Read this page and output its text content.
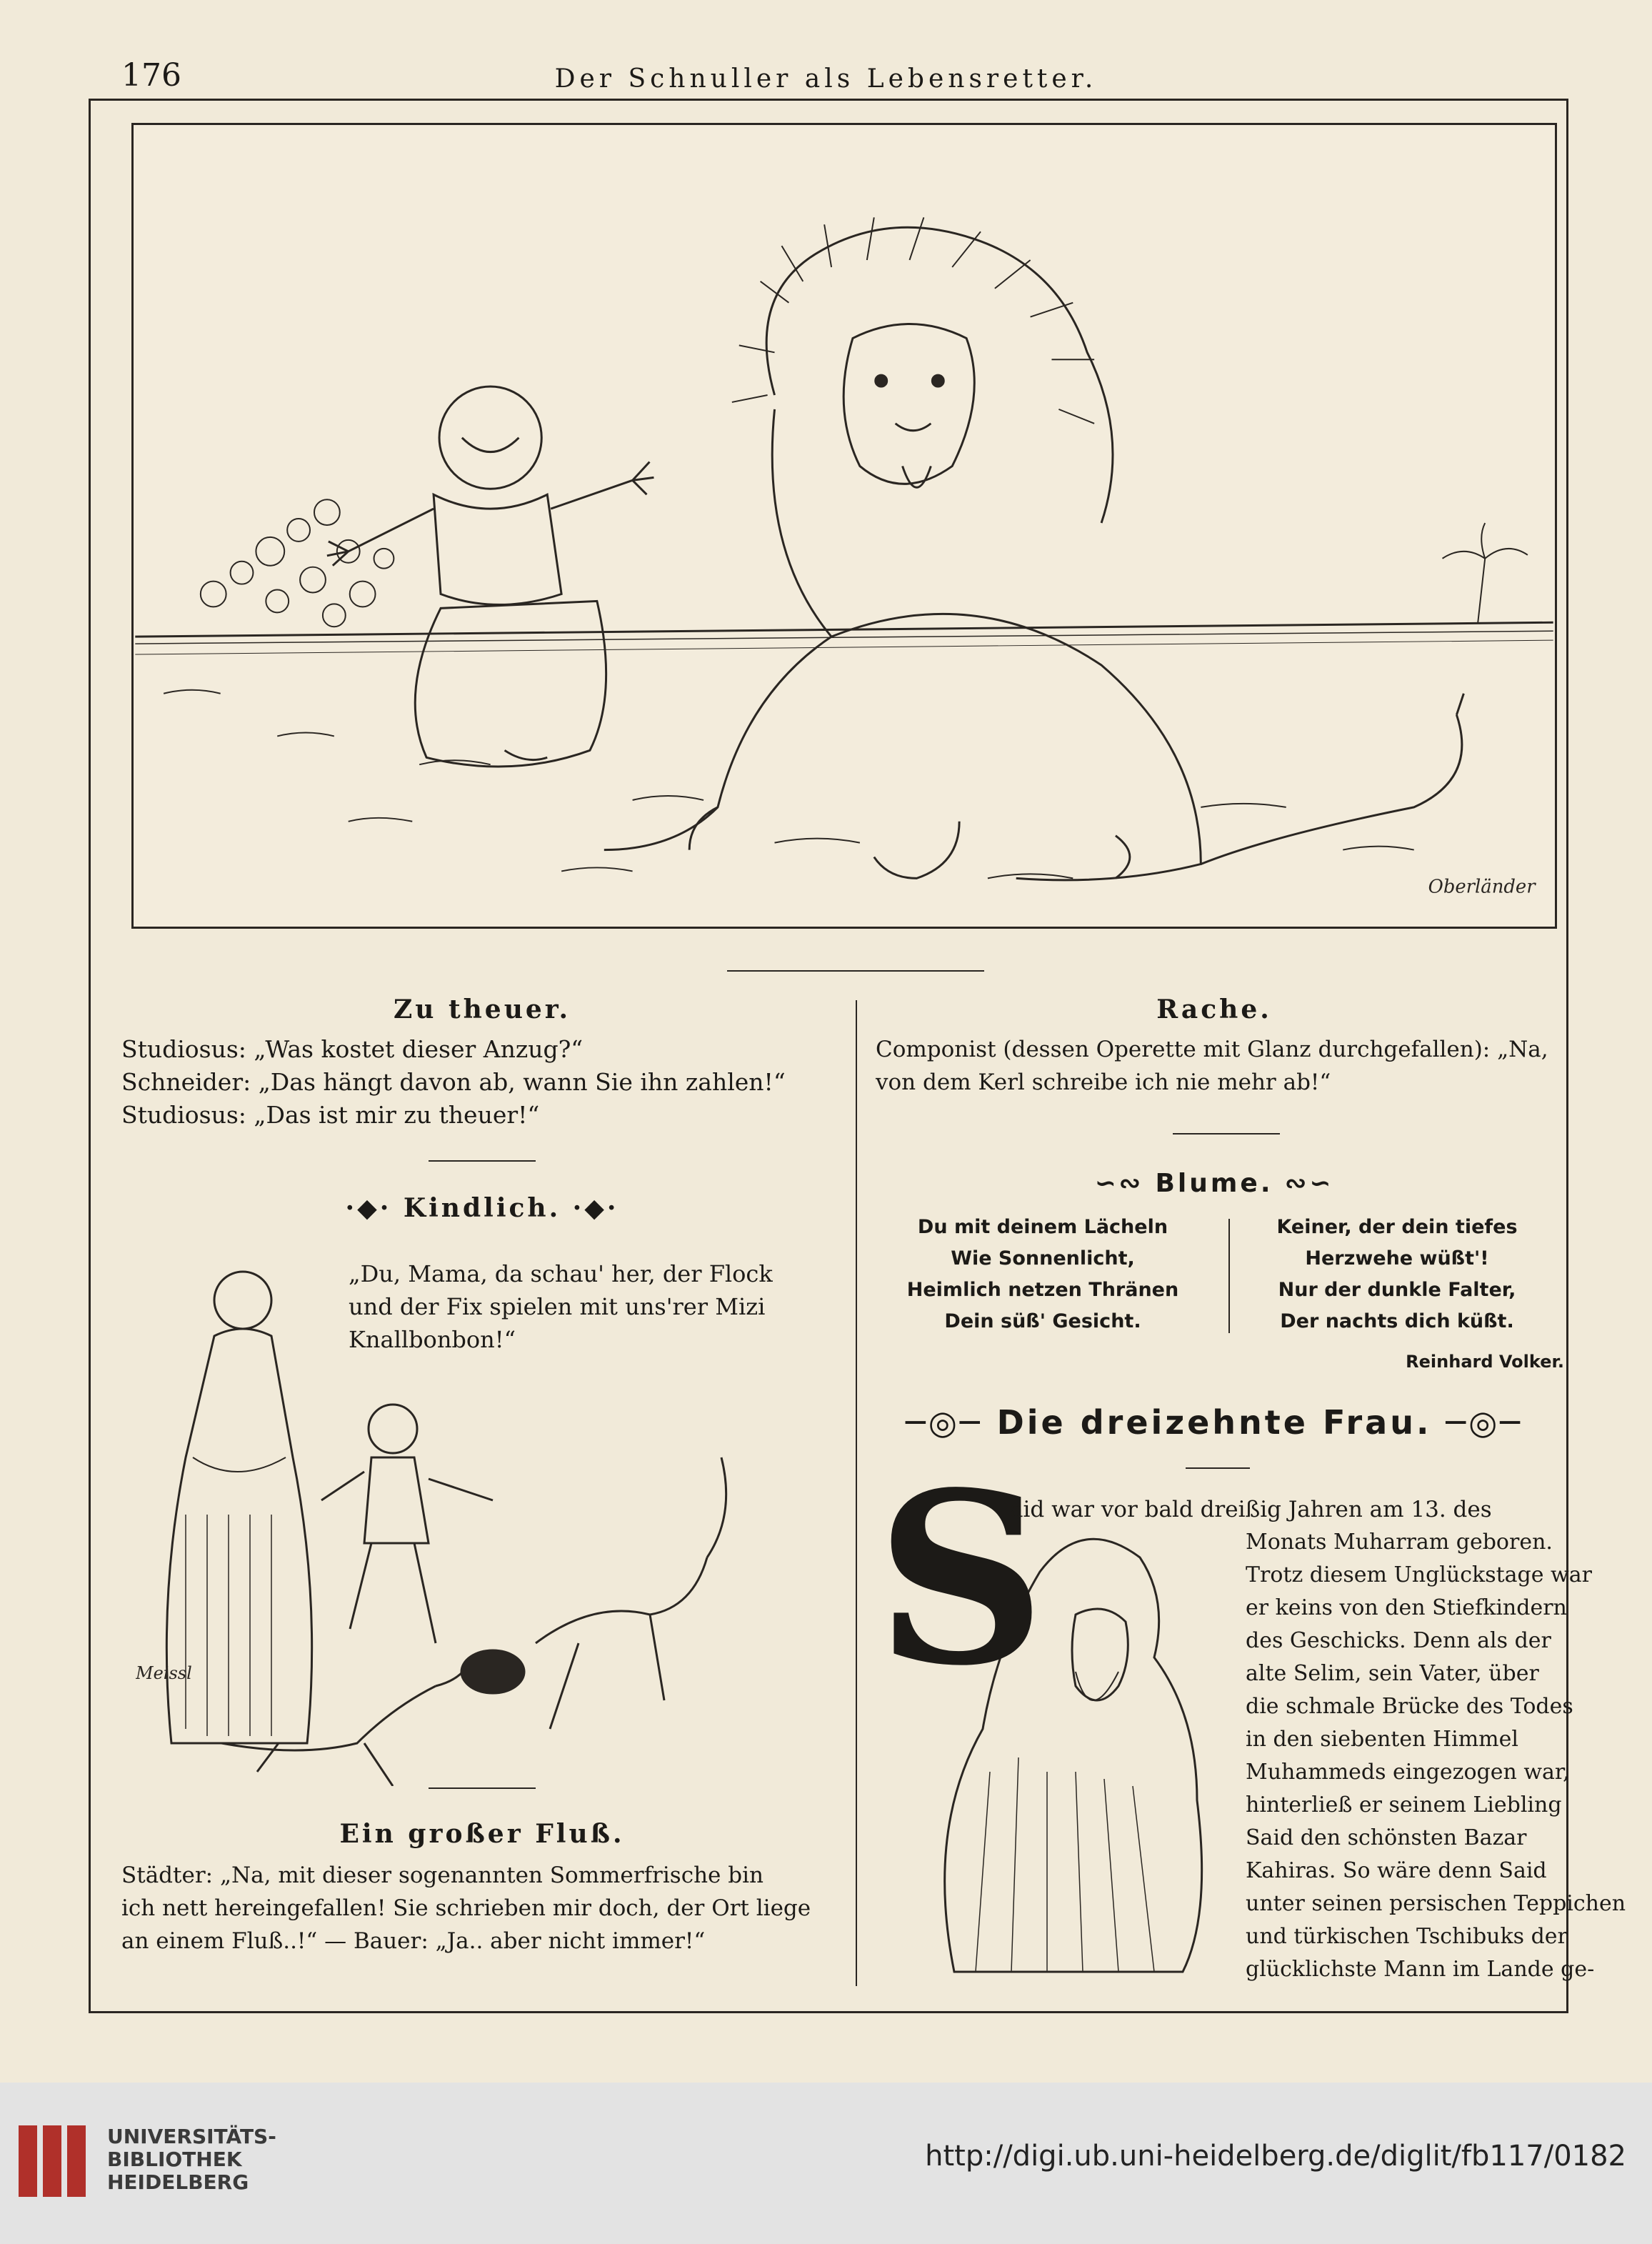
176	Der Schnuller als Lebensretter.
Oberländer
Zu theuer.
Studiosus: „Was kostet dieser Anzug?“
Schneider: „Das hängt davon ab, wann Sie ihn zahlen!“
Studiosus: „Das ist mir zu theuer!“
·◆· Kindlich. ·◆·
„Du, Mama, da schau' her, der Flock
und der Fix spielen mit uns'rer Mizi
Knallbonbon!“
Meissl
Ein großer Fluß.
Städter: „Na, mit dieser sogenannten Sommerfrische bin
ich nett hereingefallen! Sie schrieben mir doch, der Ort liege
an einem Fluß..!“ — Bauer: „Ja.. aber nicht immer!“
Rache.
Componist (dessen Operette mit Glanz durchgefallen): „Na,
von dem Kerl schreibe ich nie mehr ab!“
∽∾ Blume. ∾∽
Du mit deinem Lächeln
Wie Sonnenlicht,
Heimlich netzen Thränen
Dein süß' Gesicht.
Keiner, der dein tiefes
Herzwehe wüßt'!
Nur der dunkle Falter,
Der nachts dich küßt.
Reinhard Volker.
─◎─ Die dreizehnte Frau. ─◎─
S
aid war vor bald dreißig Jahren am 13. des
Monats Muharram geboren.
Trotz diesem Unglückstage war
er keins von den Stiefkindern
des Geschicks. Denn als der
alte Selim, sein Vater, über
die schmale Brücke des Todes
in den siebenten Himmel
Muhammeds eingezogen war,
hinterließ er seinem Liebling
Said den schönsten Bazar
Kahiras. So wäre denn Said
unter seinen persischen Teppichen
und türkischen Tschibuks der
glücklichste Mann im Lande ge-
UNIVERSITÄTS-
BIBLIOTHEK
HEIDELBERG
http://digi.ub.uni-heidelberg.de/diglit/fb117/0182
